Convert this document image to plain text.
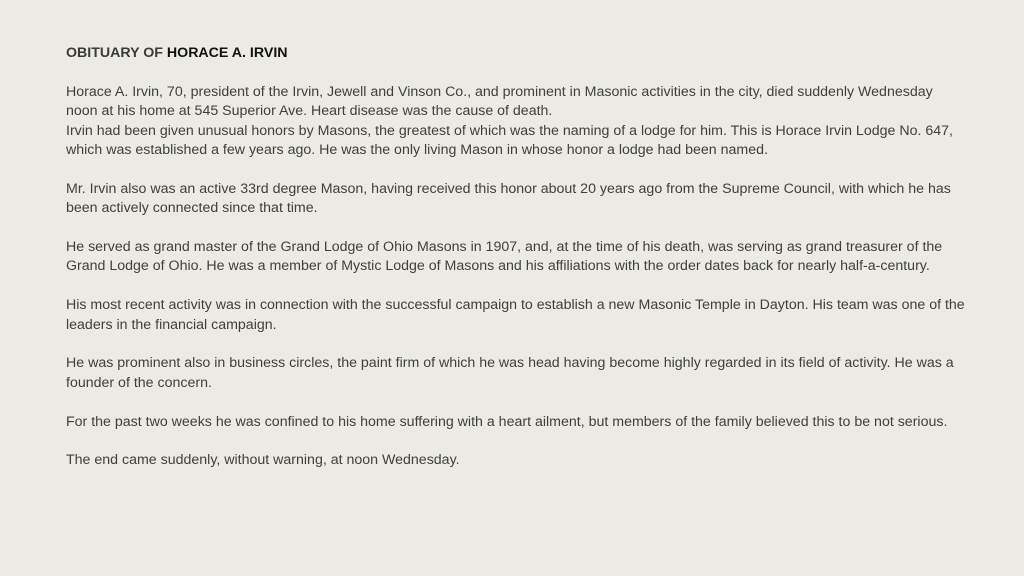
OBITUARY OF HORACE A. IRVIN
Horace A. Irvin, 70, president of the Irvin, Jewell and Vinson Co., and prominent in Masonic activities in the city, died suddenly Wednesday noon at his home at 545 Superior Ave. Heart disease was the cause of death.
Irvin had been given unusual honors by Masons, the greatest of which was the naming of a lodge for him. This is Horace Irvin Lodge No. 647, which was established a few years ago. He was the only living Mason in whose honor a lodge had been named.
Mr. Irvin also was an active 33rd degree Mason, having received this honor about 20 years ago from the Supreme Council, with which he has been actively connected since that time.
He served as grand master of the Grand Lodge of Ohio Masons in 1907, and, at the time of his death, was serving as grand treasurer of the Grand Lodge of Ohio. He was a member of Mystic Lodge of Masons and his affiliations with the order dates back for nearly half-a-century.
His most recent activity was in connection with the successful campaign to establish a new Masonic Temple in Dayton. His team was one of the leaders in the financial campaign.
He was prominent also in business circles, the paint firm of which he was head having become highly regarded in its field of activity. He was a founder of the concern.
For the past two weeks he was confined to his home suffering with a heart ailment, but members of the family believed this to be not serious.
The end came suddenly, without warning, at noon Wednesday.
